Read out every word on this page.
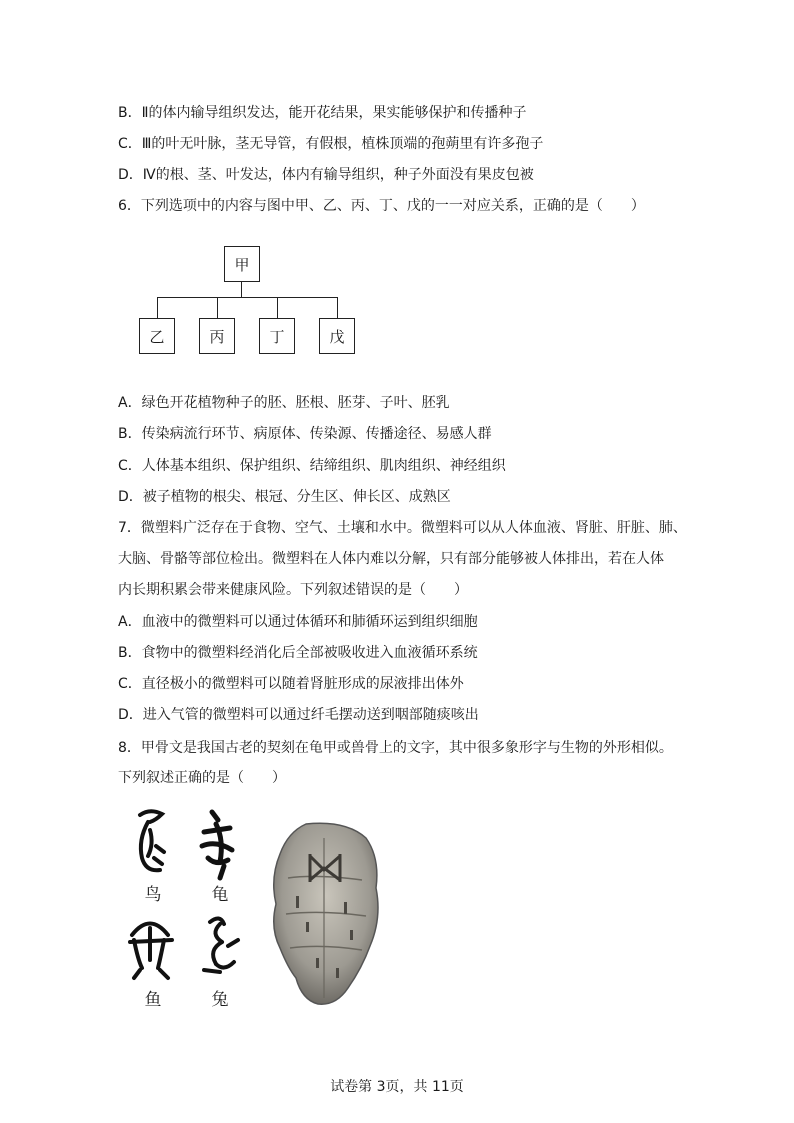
B．Ⅱ的体内输导组织发达，能开花结果，果实能够保护和传播种子
C．Ⅲ的叶无叶脉，茎无导管，有假根，植株顶端的孢蒴里有许多孢子
D．Ⅳ的根、茎、叶发达，体内有输导组织，种子外面没有果皮包被
6．下列选项中的内容与图中甲、乙、丙、丁、戊的一一对应关系，正确的是（　　）
甲
乙	丙	丁	戊
A．绿色开花植物种子的胚、胚根、胚芽、子叶、胚乳
B．传染病流行环节、病原体、传染源、传播途径、易感人群
C．人体基本组织、保护组织、结缔组织、肌肉组织、神经组织
D．被子植物的根尖、根冠、分生区、伸长区、成熟区
7．微塑料广泛存在于食物、空气、土壤和水中。微塑料可以从人体血液、肾脏、肝脏、肺、
大脑、骨骼等部位检出。微塑料在人体内难以分解，只有部分能够被人体排出，若在人体
内长期积累会带来健康风险。下列叙述错误的是（　　）
A．血液中的微塑料可以通过体循环和肺循环运到组织细胞
B．食物中的微塑料经消化后全部被吸收进入血液循环系统
C．直径极小的微塑料可以随着肾脏形成的尿液排出体外
D．进入气管的微塑料可以通过纤毛摆动送到咽部随痰咳出
8．甲骨文是我国古老的契刻在龟甲或兽骨上的文字，其中很多象形字与生物的外形相似。
下列叙述正确的是（　　）
鸟	龟
鱼	兔
试卷第 3页，共 11页
